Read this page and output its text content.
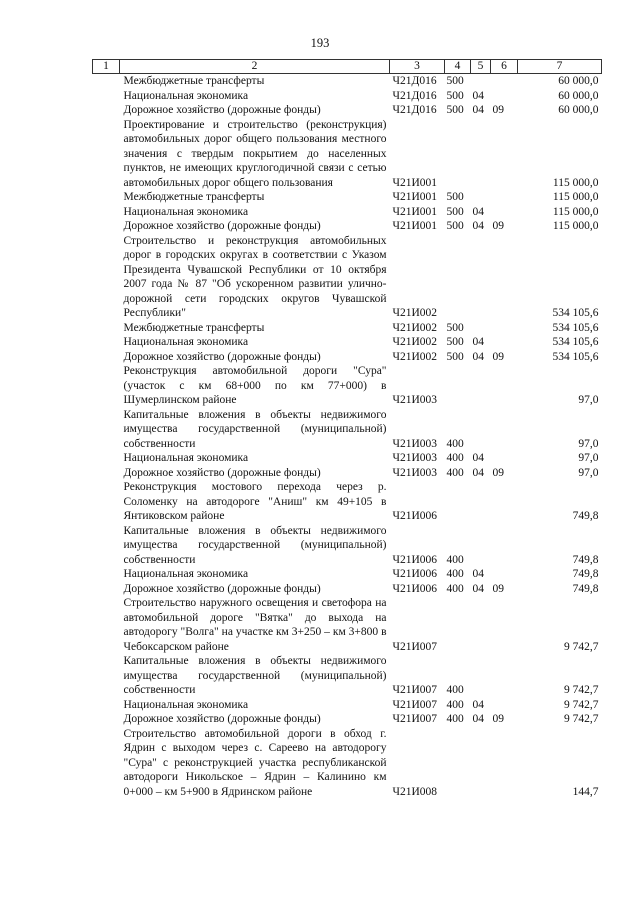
193
1	2	3	4	5	6	7
	Межбюджетные трансферты	Ч21Д016	500			60 000,0
	Национальная экономика	Ч21Д016	500	04		60 000,0
	Дорожное хозяйство (дорожные фонды)	Ч21Д016	500	04	09	60 000,0
	Проектирование и строительство (реконструкция) автомобильных дорог общего пользования местного значения с твердым покрытием до населенных пунктов, не имеющих круглогодичной связи с сетью автомобильных дорог общего пользования	Ч21И001				115 000,0
	Межбюджетные трансферты	Ч21И001	500			115 000,0
	Национальная экономика	Ч21И001	500	04		115 000,0
	Дорожное хозяйство (дорожные фонды)	Ч21И001	500	04	09	115 000,0
	Строительство и реконструкция автомобильных дорог в городских округах в соответствии с Указом Президента Чувашской Республики от 10 октября 2007 года № 87 "Об ускоренном развитии улично-дорожной сети городских округов Чувашской Республики"	Ч21И002				534 105,6
	Межбюджетные трансферты	Ч21И002	500			534 105,6
	Национальная экономика	Ч21И002	500	04		534 105,6
	Дорожное хозяйство (дорожные фонды)	Ч21И002	500	04	09	534 105,6
	Реконструкция автомобильной дороги "Сура" (участок с км 68+000 по км 77+000) в Шумерлинском районе	Ч21И003				97,0
	Капитальные вложения в объекты недвижимого имущества государственной (муниципальной) собственности	Ч21И003	400			97,0
	Национальная экономика	Ч21И003	400	04		97,0
	Дорожное хозяйство (дорожные фонды)	Ч21И003	400	04	09	97,0
	Реконструкция мостового перехода через р. Соломенку на автодороге "Аниш" км 49+105 в Янтиковском районе	Ч21И006				749,8
	Капитальные вложения в объекты недвижимого имущества государственной (муниципальной) собственности	Ч21И006	400			749,8
	Национальная экономика	Ч21И006	400	04		749,8
	Дорожное хозяйство (дорожные фонды)	Ч21И006	400	04	09	749,8
	Строительство наружного освещения и светофора на автомобильной дороге "Вятка" до выхода на автодорогу "Волга" на участке км 3+250 – км 3+800 в Чебоксарском районе	Ч21И007				9 742,7
	Капитальные вложения в объекты недвижимого имущества государственной (муниципальной) собственности	Ч21И007	400			9 742,7
	Национальная экономика	Ч21И007	400	04		9 742,7
	Дорожное хозяйство (дорожные фонды)	Ч21И007	400	04	09	9 742,7
	Строительство автомобильной дороги в обход г. Ядрин с выходом через с. Сареево на автодорогу "Сура" с реконструкцией участка республиканской автодороги Никольское – Ядрин – Калинино км 0+000 – км 5+900 в Ядринском районе	Ч21И008				144,7
